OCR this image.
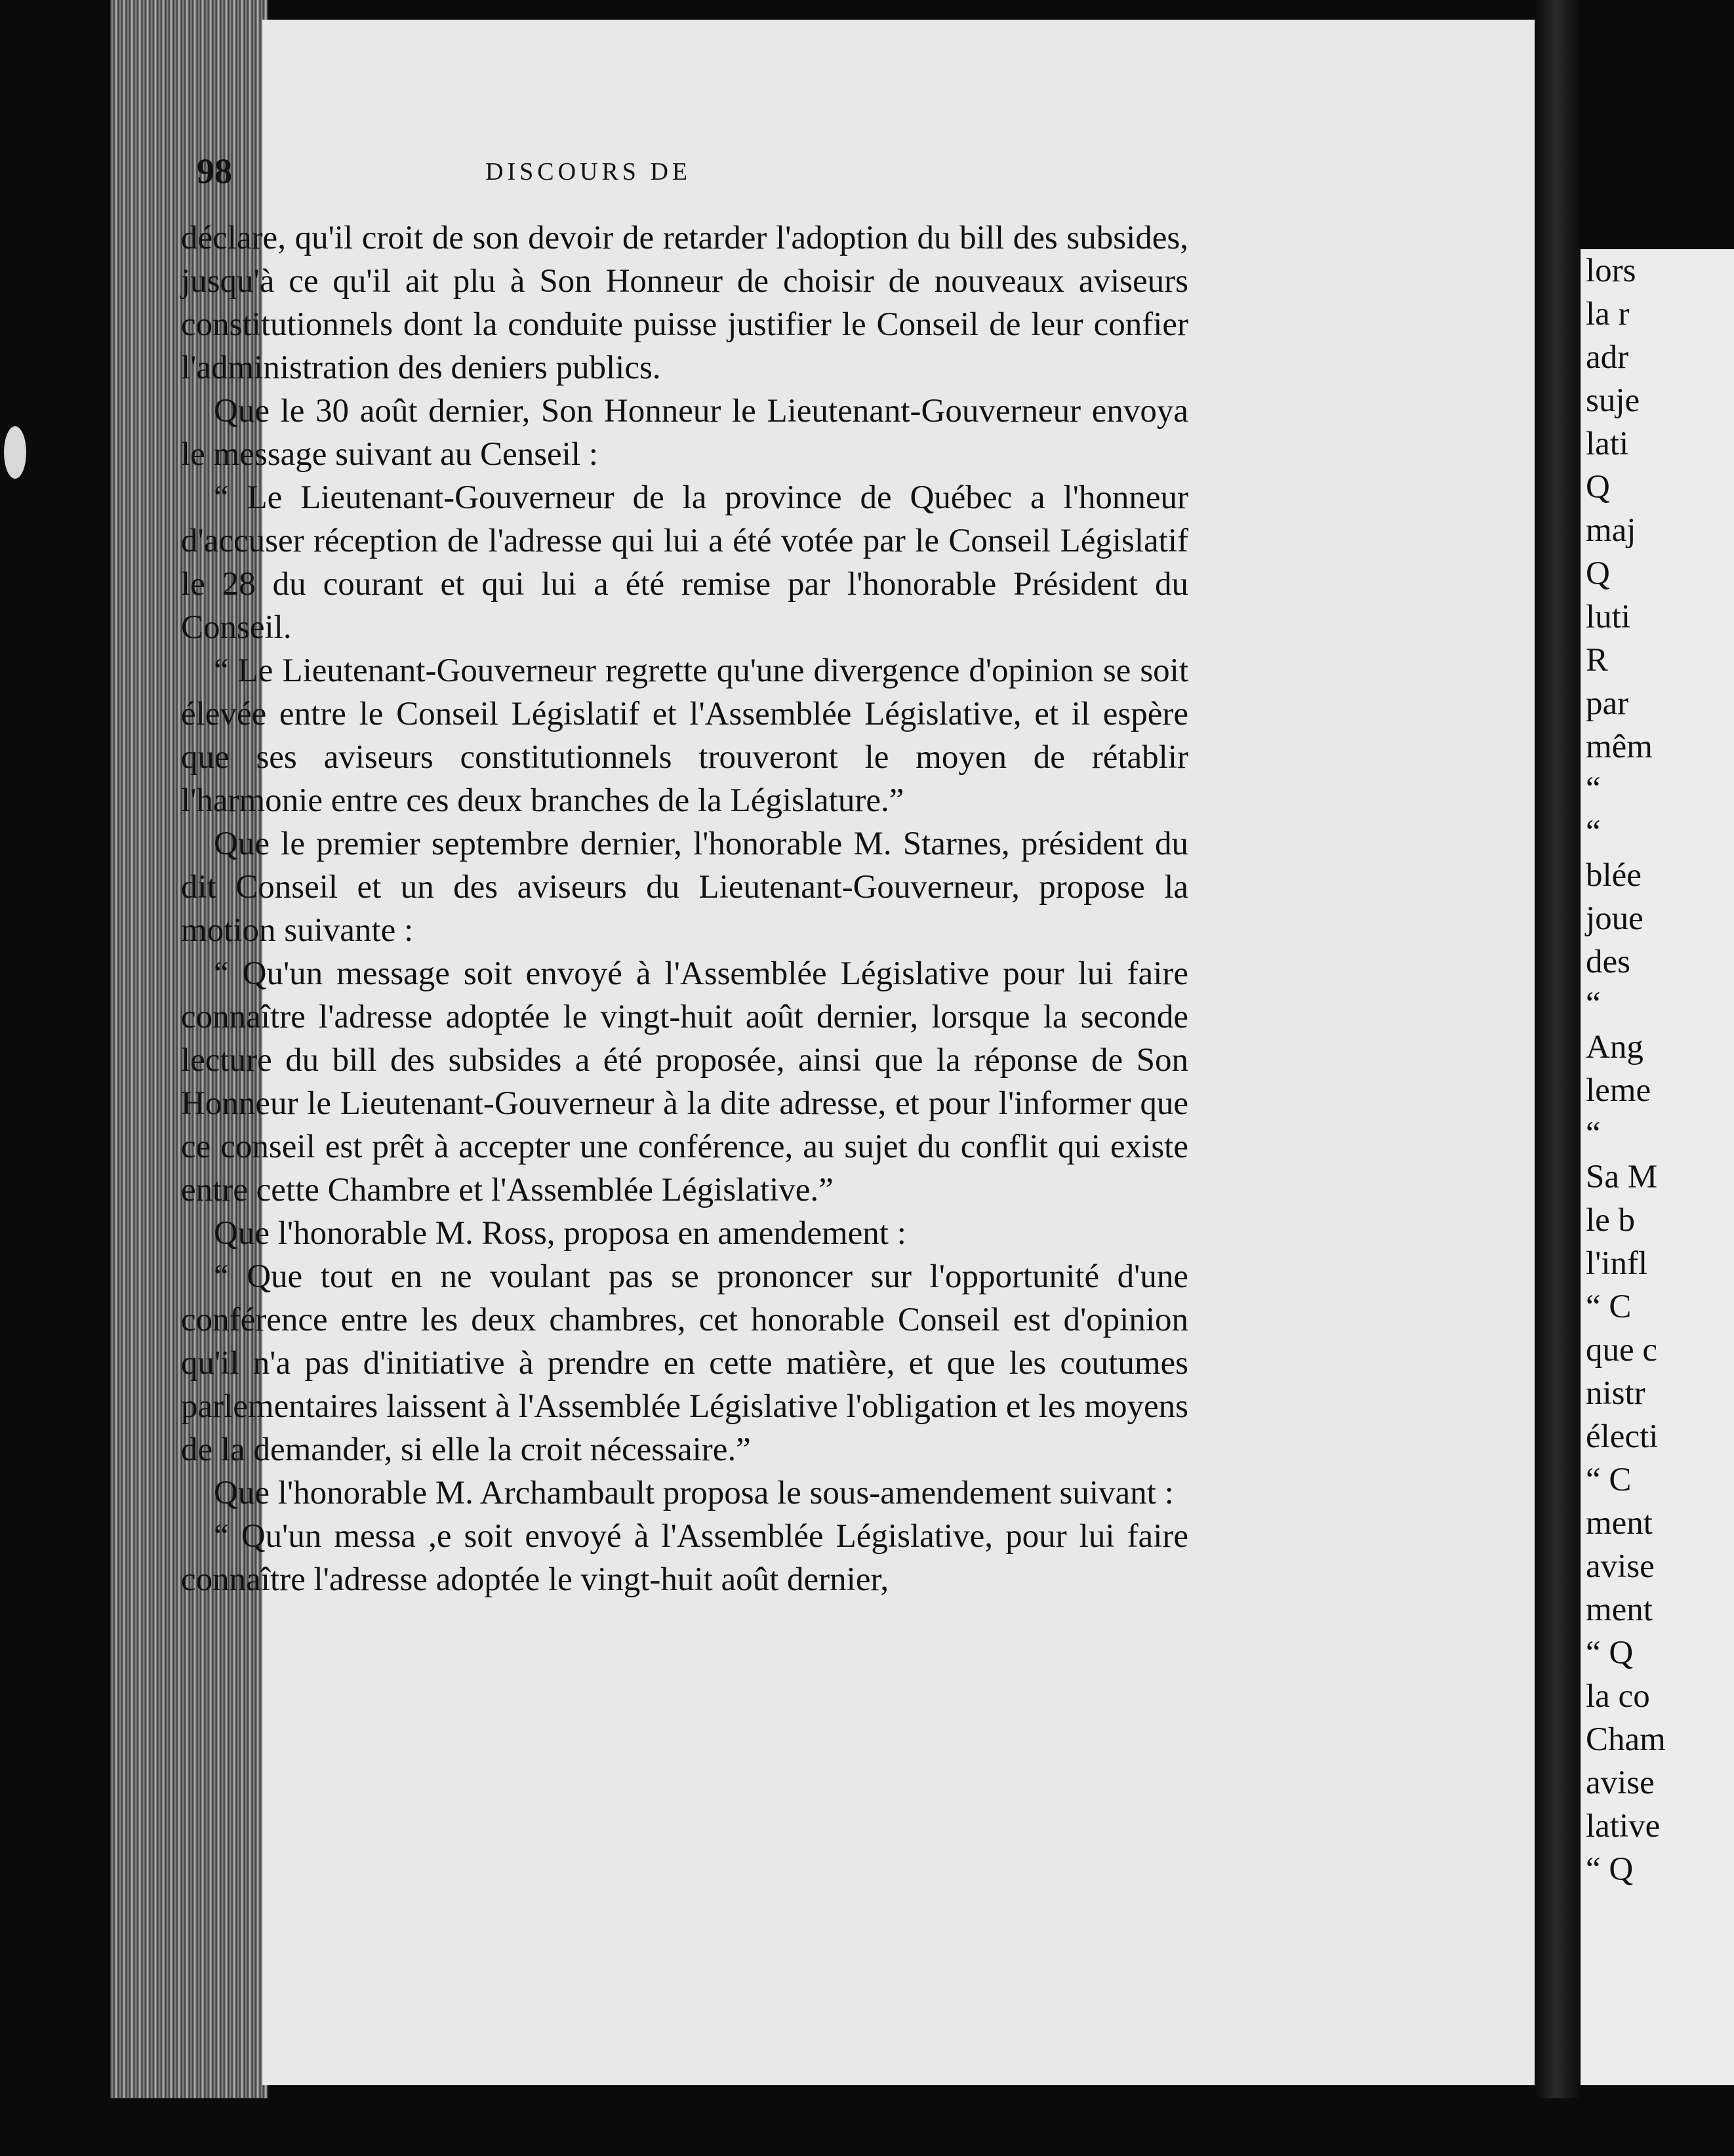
98	DISCOURS DE

déclare, qu'il croit de son devoir de retarder l'adoption du bill des subsides, jusqu'à ce qu'il ait plu à Son Honneur de choisir de nouveaux aviseurs constitutionnels dont la conduite puisse justifier le Conseil de leur confier l'administration des deniers publics.

Que le 30 août dernier, Son Honneur le Lieutenant-Gouverneur envoya le message suivant au Censeil :

“ Le Lieutenant-Gouverneur de la province de Québec a l'honneur d'accuser réception de l'adresse qui lui a été votée par le Conseil Législatif le 28 du courant et qui lui a été remise par l'honorable Président du Conseil.

“ Le Lieutenant-Gouverneur regrette qu'une divergence d'opinion se soit élevée entre le Conseil Législatif et l'Assemblée Législative, et il espère que ses aviseurs constitutionnels trouveront le moyen de rétablir l'harmonie entre ces deux branches de la Législature.”

Que le premier septembre dernier, l'honorable M. Starnes, président du dit Conseil et un des aviseurs du Lieutenant-Gouverneur, propose la motion suivante :

“ Qu'un message soit envoyé à l'Assemblée Législative pour lui faire connaître l'adresse adoptée le vingt-huit août dernier, lorsque la seconde lecture du bill des subsides a été proposée, ainsi que la réponse de Son Honneur le Lieutenant-Gouverneur à la dite adresse, et pour l'informer que ce conseil est prêt à accepter une conférence, au sujet du conflit qui existe entre cette Chambre et l'Assemblée Législative.”

Que l'honorable M. Ross, proposa en amendement :

“ Que tout en ne voulant pas se prononcer sur l'opportunité d'une conférence entre les deux chambres, cet honorable Conseil est d'opinion qu'il n'a pas d'initiative à prendre en cette matière, et que les coutumes parlementaires laissent à l'Assemblée Législative l'obligation et les moyens de la demander, si elle la croit nécessaire.”

Que l'honorable M. Archambault proposa le sous-amendement suivant :

“ Qu'un messa ,e soit envoyé à l'Assemblée Législative, pour lui faire connaître l'adresse adoptée le vingt-huit août dernier,

lors
la r
adr
suje
lati
Q
maj
Q
luti
R
par
mêm
“
“
blée
joue
des
“
Ang
leme
“
Sa M
le b
l'infl
“ C
que c
nistr
électi
“ C
ment
avise
ment
“ Q
la co
Cham
avise
lative
“ Q
